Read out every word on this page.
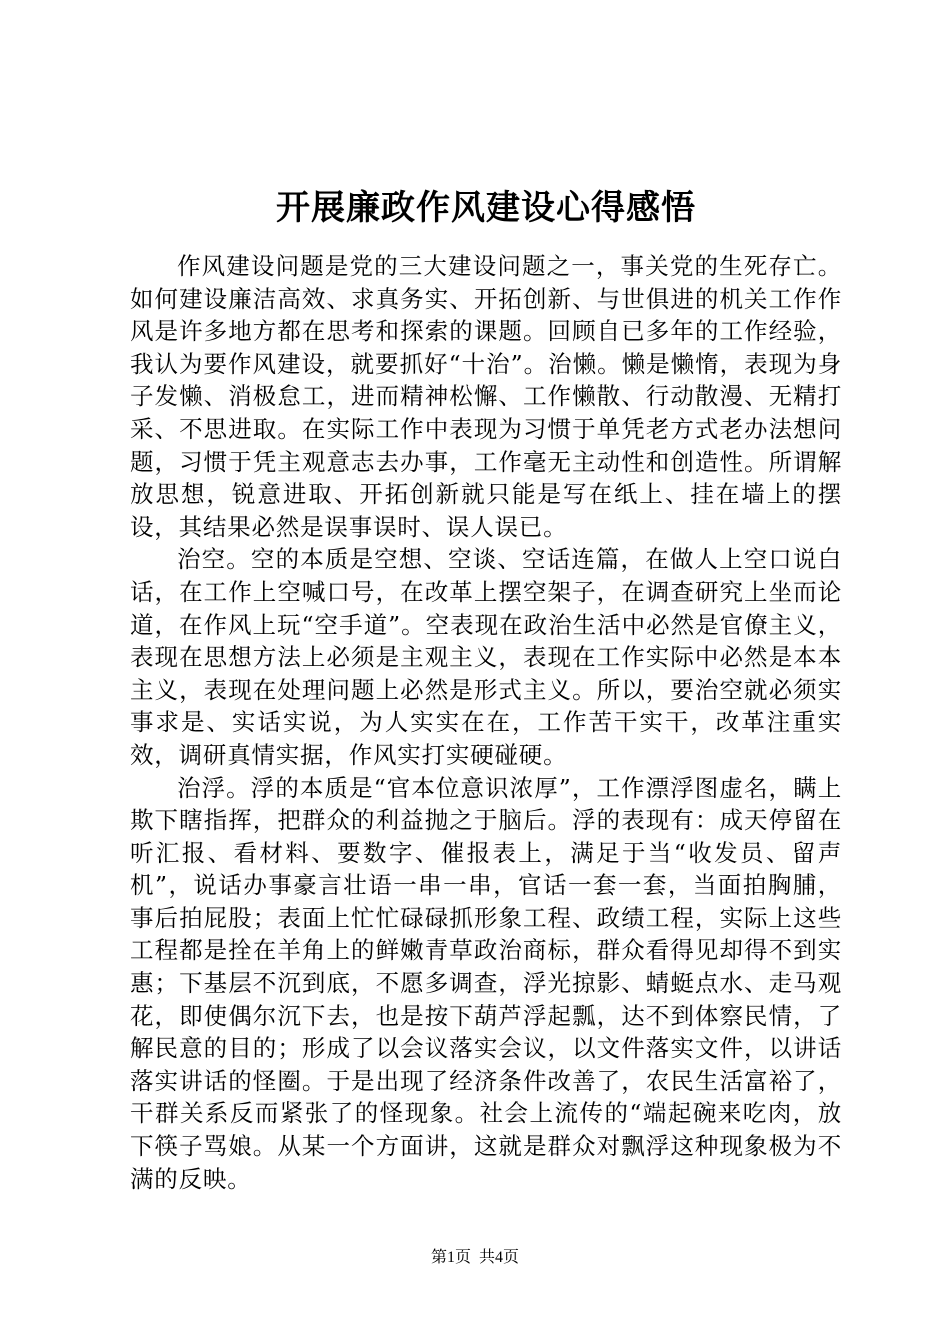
开展廉政作风建设心得感悟

作风建设问题是党的三大建设问题之一，事关党的生死存亡。如何建设廉洁高效、求真务实、开拓创新、与世俱进的机关工作作风是许多地方都在思考和探索的课题。回顾自已多年的工作经验，我认为要作风建设，就要抓好“十治”。治懒。懒是懒惰，表现为身子发懒、消极怠工，进而精神松懈、工作懒散、行动散漫、无精打采、不思进取。在实际工作中表现为习惯于单凭老方式老办法想问题，习惯于凭主观意志去办事，工作毫无主动性和创造性。所谓解放思想，锐意进取、开拓创新就只能是写在纸上、挂在墙上的摆设，其结果必然是误事误时、误人误已。

治空。空的本质是空想、空谈、空话连篇，在做人上空口说白话，在工作上空喊口号，在改革上摆空架子，在调查研究上坐而论道，在作风上玩“空手道”。空表现在政治生活中必然是官僚主义，表现在思想方法上必须是主观主义，表现在工作实际中必然是本本主义，表现在处理问题上必然是形式主义。所以，要治空就必须实事求是、实话实说，为人实实在在，工作苦干实干，改革注重实效，调研真情实据，作风实打实硬碰硬。

治浮。浮的本质是“官本位意识浓厚”，工作漂浮图虚名，瞒上欺下瞎指挥，把群众的利益抛之于脑后。浮的表现有：成天停留在听汇报、看材料、要数字、催报表上，满足于当“收发员、留声机”，说话办事豪言壮语一串一串，官话一套一套，当面拍胸脯，事后拍屁股；表面上忙忙碌碌抓形象工程、政绩工程，实际上这些工程都是拴在羊角上的鲜嫩青草政治商标，群众看得见却得不到实惠；下基层不沉到底，不愿多调查，浮光掠影、蜻蜓点水、走马观花，即使偶尔沉下去，也是按下葫芦浮起瓢，达不到体察民情，了解民意的目的；形成了以会议落实会议，以文件落实文件，以讲话落实讲话的怪圈。于是出现了经济条件改善了，农民生活富裕了，干群关系反而紧张了的怪现象。社会上流传的“端起碗来吃肉，放下筷子骂娘。从某一个方面讲，这就是群众对飘浮这种现象极为不满的反映。

第1页 共4页
